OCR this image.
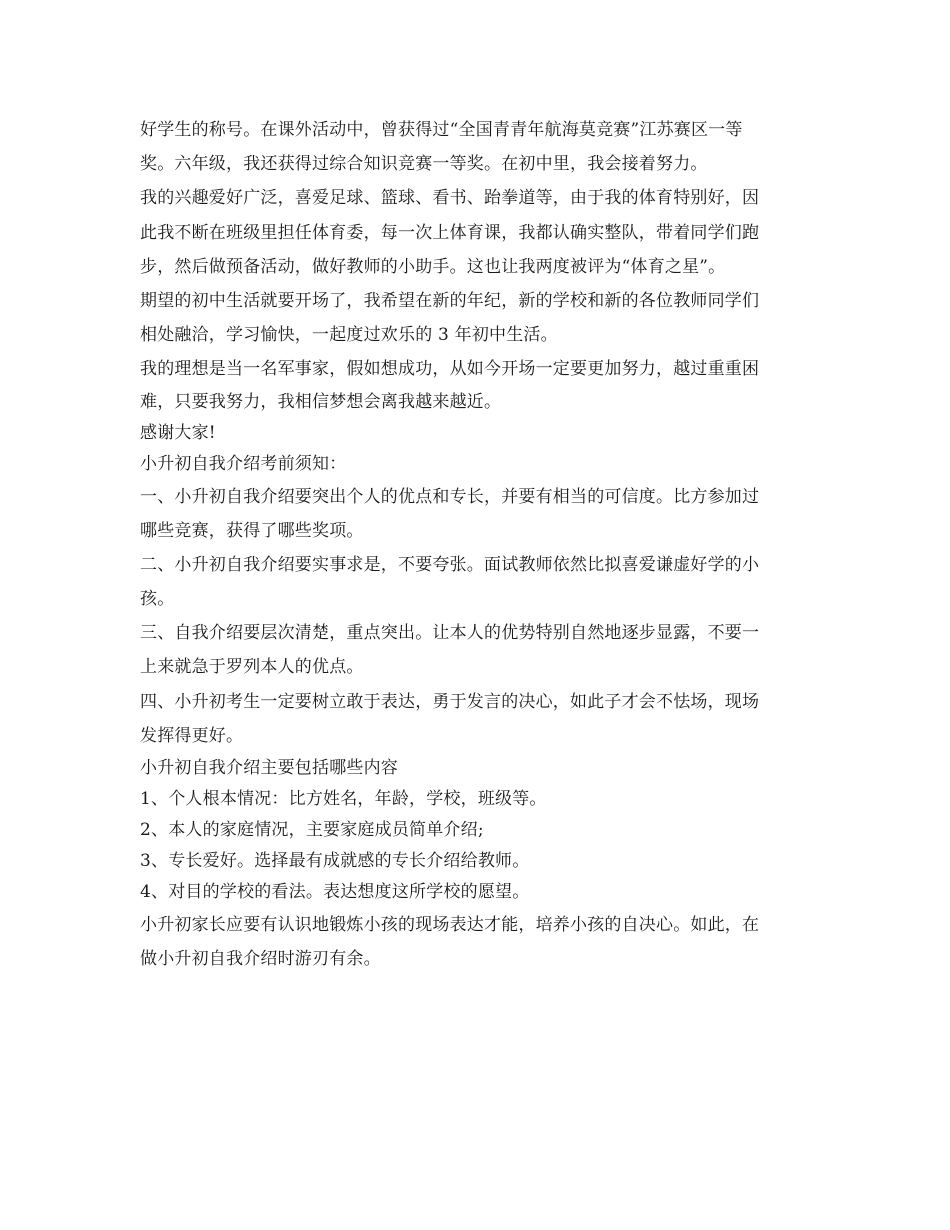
好学生的称号。在课外活动中，曾获得过“全国青青年航海莫竞赛”江苏赛区一等

奖。六年级，我还获得过综合知识竞赛一等奖。在初中里，我会接着努力。

我的兴趣爱好广泛，喜爱足球、篮球、看书、跆拳道等，由于我的体育特别好，因

此我不断在班级里担任体育委，每一次上体育课，我都认确实整队，带着同学们跑

步，然后做预备活动，做好教师的小助手。这也让我两度被评为“体育之星”。

期望的初中生活就要开场了，我希望在新的年纪，新的学校和新的各位教师同学们

相处融洽，学习愉快，一起度过欢乐的 3 年初中生活。

我的理想是当一名军事家，假如想成功，从如今开场一定要更加努力，越过重重困

难，只要我努力，我相信梦想会离我越来越近。

感谢大家!

小升初自我介绍考前须知：

一、小升初自我介绍要突出个人的优点和专长，并要有相当的可信度。比方参加过

哪些竞赛，获得了哪些奖项。

二、小升初自我介绍要实事求是，不要夸张。面试教师依然比拟喜爱谦虚好学的小

孩。

三、自我介绍要层次清楚，重点突出。让本人的优势特别自然地逐步显露，不要一

上来就急于罗列本人的优点。

四、小升初考生一定要树立敢于表达，勇于发言的决心，如此子才会不怯场，现场

发挥得更好。

小升初自我介绍主要包括哪些内容

1、个人根本情况：比方姓名，年龄，学校，班级等。

2、本人的家庭情况，主要家庭成员简单介绍;

3、专长爱好。选择最有成就感的专长介绍给教师。

4、对目的学校的看法。表达想度这所学校的愿望。

小升初家长应要有认识地锻炼小孩的现场表达才能，培养小孩的自决心。如此，在

做小升初自我介绍时游刃有余。
